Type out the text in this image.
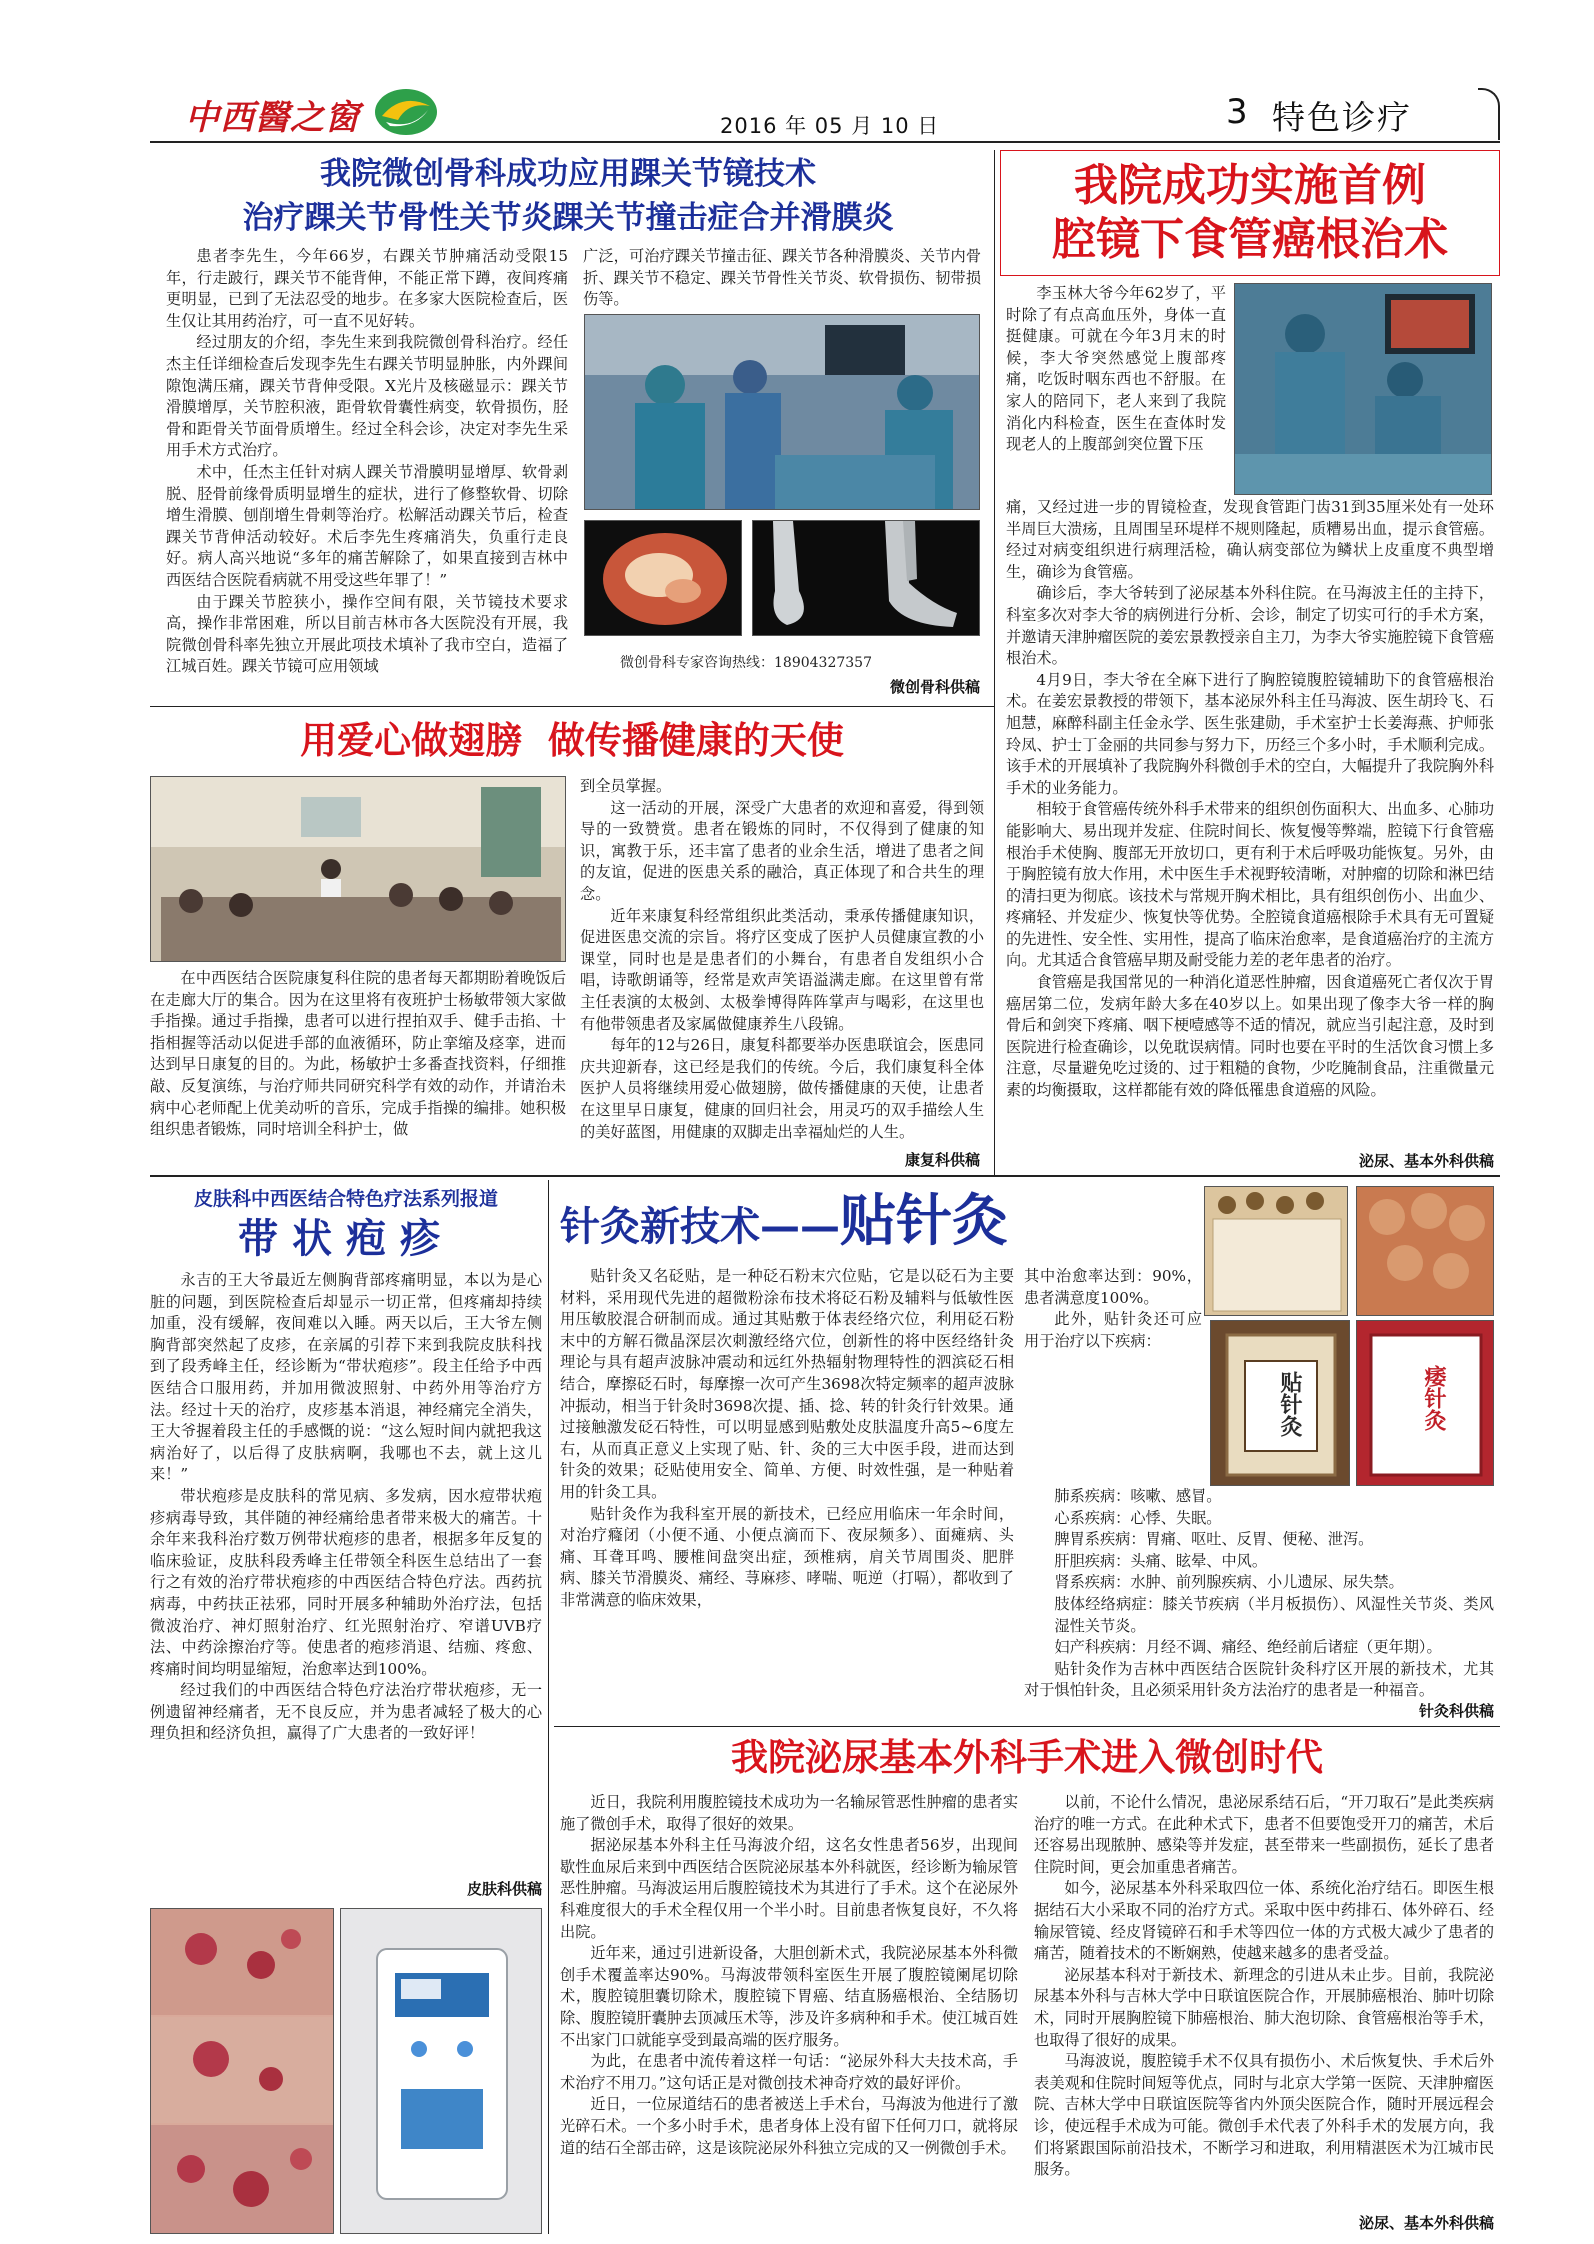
中西醫之窗	2016 年 05 月 10 日	3 特色诊疗
我院微创骨科成功应用踝关节镜技术
治疗踝关节骨性关节炎踝关节撞击症合并滑膜炎

患者李先生，今年66岁，右踝关节肿痛活动受限15年，行走跛行，踝关节不能背伸，不能正常下蹲，夜间疼痛更明显，已到了无法忍受的地步。在多家大医院检查后，医生仅让其用药治疗，可一直不见好转。

经过朋友的介绍，李先生来到我院微创骨科治疗。经任杰主任详细检查后发现李先生右踝关节明显肿胀，内外踝间隙饱满压痛，踝关节背伸受限。X光片及核磁显示：踝关节滑膜增厚，关节腔积液，距骨软骨囊性病变，软骨损伤，胫骨和距骨关节面骨质增生。经过全科会诊，决定对李先生采用手术方式治疗。

术中，任杰主任针对病人踝关节滑膜明显增厚、软骨剥脱、胫骨前缘骨质明显增生的症状，进行了修整软骨、切除增生滑膜、刨削增生骨刺等治疗。松解活动踝关节后，检查踝关节背伸活动较好。术后李先生疼痛消失，负重行走良好。病人高兴地说“多年的痛苦解除了，如果直接到吉林中西医结合医院看病就不用受这些年罪了！”

由于踝关节腔狭小，操作空间有限，关节镜技术要求高，操作非常困难，所以目前吉林市各大医院没有开展，我院微创骨科率先独立开展此项技术填补了我市空白，造福了江城百姓。踝关节镜可应用领域

广泛，可治疗踝关节撞击征、踝关节各种滑膜炎、关节内骨折、踝关节不稳定、踝关节骨性关节炎、软骨损伤、韧带损伤等。

微创骨科专家咨询热线：18904327357
微创骨科供稿
我院成功实施首例
腔镜下食管癌根治术
李玉林大爷今年62岁了，平时除了有点高血压外，身体一直挺健康。可就在今年3月末的时候，李大爷突然感觉上腹部疼痛，吃饭时咽东西也不舒服。在家人的陪同下，老人来到了我院消化内科检查，医生在查体时发现老人的上腹部剑突位置下压

痛，又经过进一步的胃镜检查，发现食管距门齿31到35厘米处有一处环半周巨大溃疡，且周围呈环堤样不规则隆起，质糟易出血，提示食管癌。经过对病变组织进行病理活检，确认病变部位为鳞状上皮重度不典型增生，确诊为食管癌。

确诊后，李大爷转到了泌尿基本外科住院。在马海波主任的主持下，科室多次对李大爷的病例进行分析、会诊，制定了切实可行的手术方案，并邀请天津肿瘤医院的姜宏景教授亲自主刀，为李大爷实施腔镜下食管癌根治术。

4月9日，李大爷在全麻下进行了胸腔镜腹腔镜辅助下的食管癌根治术。在姜宏景教授的带领下，基本泌尿外科主任马海波、医生胡玲飞、石旭慧，麻醉科副主任金永学、医生张建勋，手术室护士长姜海燕、护师张玲凤、护士丁金丽的共同参与努力下，历经三个多小时，手术顺利完成。该手术的开展填补了我院胸外科微创手术的空白，大幅提升了我院胸外科手术的业务能力。

相较于食管癌传统外科手术带来的组织创伤面积大、出血多、心肺功能影响大、易出现并发症、住院时间长、恢复慢等弊端，腔镜下行食管癌根治手术使胸、腹部无开放切口，更有利于术后呼吸功能恢复。另外，由于胸腔镜有放大作用，术中医生手术视野较清晰，对肿瘤的切除和淋巴结的清扫更为彻底。该技术与常规开胸术相比，具有组织创伤小、出血少、疼痛轻、并发症少、恢复快等优势。全腔镜食道癌根除手术具有无可置疑的先进性、安全性、实用性，提高了临床治愈率，是食道癌治疗的主流方向。尤其适合食管癌早期及耐受能力差的老年患者的治疗。

食管癌是我国常见的一种消化道恶性肿瘤，因食道癌死亡者仅次于胃癌居第二位，发病年龄大多在40岁以上。如果出现了像李大爷一样的胸骨后和剑突下疼痛、咽下梗噎感等不适的情况，就应当引起注意，及时到医院进行检查确诊，以免耽误病情。同时也要在平时的生活饮食习惯上多注意，尽量避免吃过烫的、过于粗糙的食物，少吃腌制食品，注重微量元素的均衡摄取，这样都能有效的降低罹患食道癌的风险。

泌尿、基本外科供稿
用爱心做翅膀  做传播健康的天使

在中西医结合医院康复科住院的患者每天都期盼着晚饭后在走廊大厅的集合。因为在这里将有夜班护士杨敏带领大家做手指操。通过手指操，患者可以进行捏拍双手、健手击掐、十指相握等活动以促进手部的血液循环，防止挛缩及痉挛，进而达到早日康复的目的。为此，杨敏护士多番查找资料，仔细推敲、反复演练，与治疗师共同研究科学有效的动作，并请治未病中心老师配上优美动听的音乐，完成手指操的编排。她积极组织患者锻炼，同时培训全科护士，做

到全员掌握。

这一活动的开展，深受广大患者的欢迎和喜爱，得到领导的一致赞赏。患者在锻炼的同时，不仅得到了健康的知识，寓教于乐，还丰富了患者的业余生活，增进了患者之间的友谊，促进的医患关系的融洽，真正体现了和合共生的理念。

近年来康复科经常组织此类活动，秉承传播健康知识，促进医患交流的宗旨。将疗区变成了医护人员健康宣教的小课堂，同时也是是患者们的小舞台，有患者自发组织小合唱，诗歌朗诵等，经常是欢声笑语溢满走廊。在这里曾有常主任表演的太极剑、太极拳博得阵阵掌声与喝彩，在这里也有他带领患者及家属做健康养生八段锦。

每年的12与26日，康复科都要举办医患联谊会，医患同庆共迎新春，这已经是我们的传统。今后，我们康复科全体医护人员将继续用爱心做翅膀，做传播健康的天使，让患者在这里早日康复，健康的回归社会，用灵巧的双手描绘人生的美好蓝图，用健康的双脚走出幸福灿烂的人生。

康复科供稿
皮肤科中西医结合特色疗法系列报道
带状疱疹

永吉的王大爷最近左侧胸背部疼痛明显，本以为是心脏的问题，到医院检查后却显示一切正常，但疼痛却持续加重，没有缓解，夜间难以入睡。两天以后，王大爷左侧胸背部突然起了皮疹，在亲属的引荐下来到我院皮肤科找到了段秀峰主任，经诊断为“带状疱疹”。段主任给予中西医结合口服用药，并加用微波照射、中药外用等治疗方法。经过十天的治疗，皮疹基本消退，神经痛完全消失，王大爷握着段主任的手感慨的说：“这么短时间内就把我这病治好了，以后得了皮肤病啊，我哪也不去，就上这儿来！”

带状疱疹是皮肤科的常见病、多发病，因水痘带状疱疹病毒导致，其伴随的神经痛给患者带来极大的痛苦。十余年来我科治疗数万例带状疱疹的患者，根据多年反复的临床验证，皮肤科段秀峰主任带领全科医生总结出了一套行之有效的治疗带状疱疹的中西医结合特色疗法。西药抗病毒，中药扶正祛邪，同时开展多种辅助外治疗法，包括微波治疗、神灯照射治疗、红光照射治疗、窄谱UVB疗法、中药涂擦治疗等。使患者的疱疹消退、结痂、疼愈、疼痛时间均明显缩短，治愈率达到100%。

经过我们的中西医结合特色疗法治疗带状疱疹，无一例遗留神经痛者，无不良反应，并为患者减轻了极大的心理负担和经济负担，赢得了广大患者的一致好评！

皮肤科供稿
针灸新技术——贴针灸

贴针灸又名砭贴，是一种砭石粉末穴位贴，它是以砭石为主要材料，采用现代先进的超微粉涂布技术将砭石粉及辅料与低敏性医用压敏胶混合研制而成。通过其贴敷于体表经络穴位，利用砭石粉末中的方解石微晶深层次刺激经络穴位，创新性的将中医经络针灸理论与具有超声波脉冲震动和远红外热辐射物理特性的泗滨砭石相结合，摩擦砭石时，每摩擦一次可产生3698次特定频率的超声波脉冲振动，相当于针灸时3698次提、插、捻、转的针灸行针效果。通过接触激发砭石特性，可以明显感到贴敷处皮肤温度升高5~6度左右，从而真正意义上实现了贴、针、灸的三大中医手段，进而达到针灸的效果；砭贴使用安全、简单、方便、时效性强，是一种贴着用的针灸工具。

贴针灸作为我科室开展的新技术，已经应用临床一年余时间，对治疗癃闭（小便不通、小便点滴而下、夜尿频多）、面瘫病、头痛、耳聋耳鸣、腰椎间盘突出症，颈椎病，肩关节周围炎、肥胖病、膝关节滑膜炎、痛经、荨麻疹、哮喘、呃逆（打嗝），都收到了非常满意的临床效果，

其中治愈率达到：90%，患者满意度100%。

此外，贴针灸还可应用于治疗以下疾病：

贴针灸	痿针灸

肺系疾病：咳嗽、感冒。

心系疾病：心悸、失眠。

脾胃系疾病：胃痛、呕吐、反胃、便秘、泄泻。

肝胆疾病：头痛、眩晕、中风。

肾系疾病：水肿、前列腺疾病、小儿遗尿、尿失禁。

肢体经络病症：膝关节疾病（半月板损伤）、风湿性关节炎、类风湿性关节炎。

妇产科疾病：月经不调、痛经、绝经前后诸症（更年期）。

贴针灸作为吉林中西医结合医院针灸科疗区开展的新技术，尤其对于惧怕针灸，且必须采用针灸方法治疗的患者是一种福音。

针灸科供稿
我院泌尿基本外科手术进入微创时代

近日，我院利用腹腔镜技术成功为一名输尿管恶性肿瘤的患者实施了微创手术，取得了很好的效果。

据泌尿基本外科主任马海波介绍，这名女性患者56岁，出现间歇性血尿后来到中西医结合医院泌尿基本外科就医，经诊断为输尿管恶性肿瘤。马海波运用后腹腔镜技术为其进行了手术。这个在泌尿外科难度很大的手术全程仅用一个半小时。目前患者恢复良好，不久将出院。

近年来，通过引进新设备，大胆创新术式，我院泌尿基本外科微创手术覆盖率达90%。马海波带领科室医生开展了腹腔镜阑尾切除术，腹腔镜胆囊切除术，腹腔镜下胃癌、结直肠癌根治、全结肠切除、腹腔镜肝囊肿去顶减压术等，涉及许多病种和手术。使江城百姓不出家门口就能享受到最高端的医疗服务。

为此，在患者中流传着这样一句话：“泌尿外科大夫技术高，手术治疗不用刀。”这句话正是对微创技术神奇疗效的最好评价。

近日，一位尿道结石的患者被送上手术台，马海波为他进行了激光碎石术。一个多小时手术，患者身体上没有留下任何刀口，就将尿道的结石全部击碎，这是该院泌尿外科独立完成的又一例微创手术。

以前，不论什么情况，患泌尿系结石后，“开刀取石”是此类疾病治疗的唯一方式。在此种术式下，患者不但要饱受开刀的痛苦，术后还容易出现脓肿、感染等并发症，甚至带来一些副损伤，延长了患者住院时间，更会加重患者痛苦。

如今，泌尿基本外科采取四位一体、系统化治疗结石。即医生根据结石大小采取不同的治疗方式。采取中医中药排石、体外碎石、经输尿管镜、经皮肾镜碎石和手术等四位一体的方式极大减少了患者的痛苦，随着技术的不断娴熟，使越来越多的患者受益。

泌尿基本科对于新技术、新理念的引进从未止步。目前，我院泌尿基本外科与吉林大学中日联谊医院合作，开展肺癌根治、肺叶切除术，同时开展胸腔镜下肺癌根治、肺大泡切除、食管癌根治等手术，也取得了很好的成果。

马海波说，腹腔镜手术不仅具有损伤小、术后恢复快、手术后外表美观和住院时间短等优点，同时与北京大学第一医院、天津肿瘤医院、吉林大学中日联谊医院等省内外顶尖医院合作，随时开展远程会诊，使远程手术成为可能。微创手术代表了外科手术的发展方向，我们将紧跟国际前沿技术，不断学习和进取，利用精湛医术为江城市民服务。

泌尿、基本外科供稿
